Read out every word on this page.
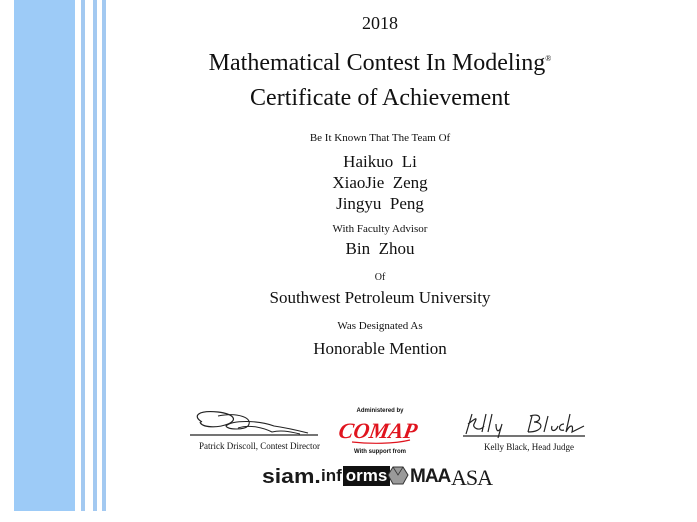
2018
Mathematical Contest In Modeling®
Certificate of Achievement
Be It Known That The Team Of
Haikuo  Li
XiaoJie  Zeng
Jingyu  Peng
With Faculty Advisor
Bin  Zhou
Of
Southwest Petroleum University
Was Designated As
Honorable Mention
Patrick Driscoll, Contest Director	Kelly Black, Head Judge
Administered by
COMAP
With support from
siam. inf orms MAA ASA
